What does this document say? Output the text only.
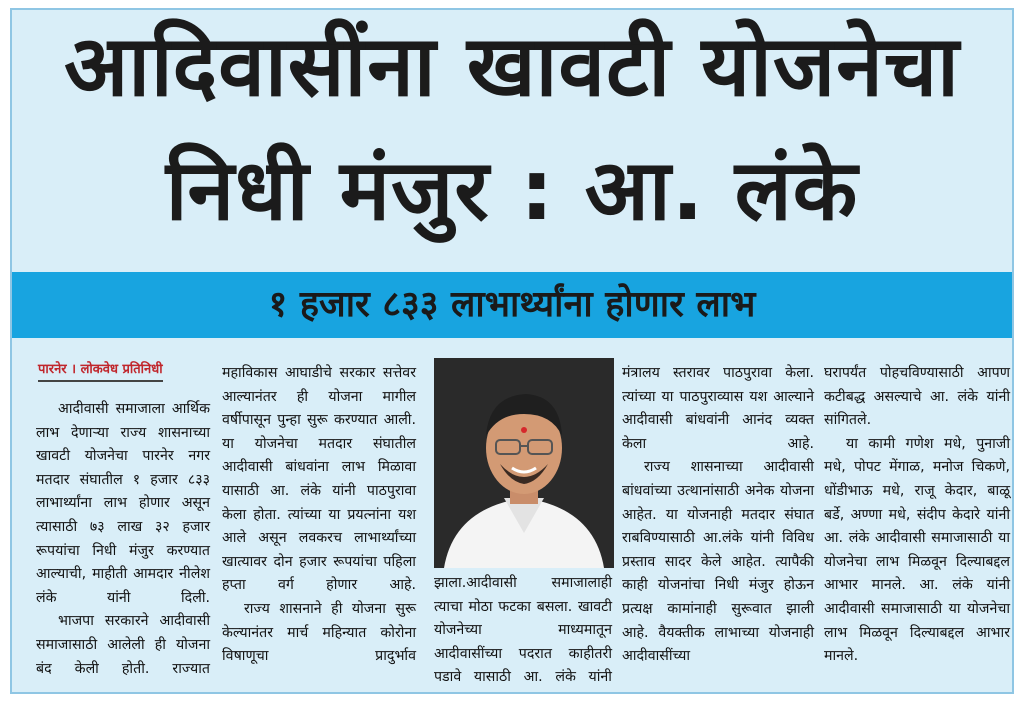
आदिवासींना खावटी योजनेचा
निधी मंजुर : आ. लंके
१ हजार ८३३ लाभार्थ्यांना होणार लाभ
पारनेर । लोकवेध प्रतिनिधी

आदीवासी समाजाला आर्थिक लाभ देणाऱ्या राज्य शासनाच्या खावटी योजनेचा पारनेर नगर मतदार संघातील १ हजार ८३३ लाभार्थ्यांना लाभ होणार असून त्यासाठी ७३ लाख ३२ हजार रूपयांचा निधी मंजुर करण्यात आल्याची, माहीती आमदार नीलेश लंके यांनी दिली.

भाजपा सरकारने आदीवासी समाजासाठी आलेली ही योजना बंद केली होती. राज्यात

महाविकास आघाडीचे सरकार सत्तेवर आल्यानंतर ही योजना मागील वर्षीपासून पुन्हा सुरू करण्यात आली. या योजनेचा मतदार संघातील आदीवासी बांधवांना लाभ मिळावा यासाठी आ. लंके यांनी पाठपुरावा केला होता. त्यांच्या या प्रयत्नांना यश आले असून लवकरच लाभार्थ्यांच्या खात्यावर दोन हजार रूपयांचा पहिला हप्ता वर्ग होणार आहे.

राज्य शासनाने ही योजना सुरू केल्यानंतर मार्च महिन्यात कोरोना विषाणूचा प्रादुर्भाव

झाला.आदीवासी समाजालाही त्याचा मोठा फटका बसला. खावटी योजनेच्या माध्यमातून आदीवासींच्या पदरात काहीतरी पडावे यासाठी आ. लंके यांनी

मंत्रालय स्तरावर पाठपुरावा केला. त्यांच्या या पाठपुराव्यास यश आल्याने आदीवासी बांधवांनी आनंद व्यक्त केला आहे.

राज्य शासनाच्या आदीवासी बांधवांच्या उत्थानांसाठी अनेक योजना आहेत. या योजनाही मतदार संघात राबविण्यासाठी आ.लंके यांनी विविध प्रस्ताव सादर केले आहेत. त्यापैकी काही योजनांचा निधी मंजुर होऊन प्रत्यक्ष कामांनाही सुरूवात झाली आहे. वैयक्तीक लाभाच्या योजनाही आदीवासींच्या

घरापर्यंत पोहचविण्यासाठी आपण कटीबद्ध असल्याचे आ. लंके यांनी सांगितले.

या कामी गणेश मधे, पुनाजी मधे, पोपट मेंगाळ, मनोज चिकणे, धोंडीभाऊ मधे, राजू केदार, बाळू बर्डे, अण्णा मधे, संदीप केदारे यांनी आ. लंके आदीवासी समाजासाठी या योजनेचा लाभ मिळवून दिल्याबद्दल आभार मानले. आ. लंके यांनी आदीवासी समाजासाठी या योजनेचा लाभ मिळवून दिल्याबद्दल आभार मानले.
